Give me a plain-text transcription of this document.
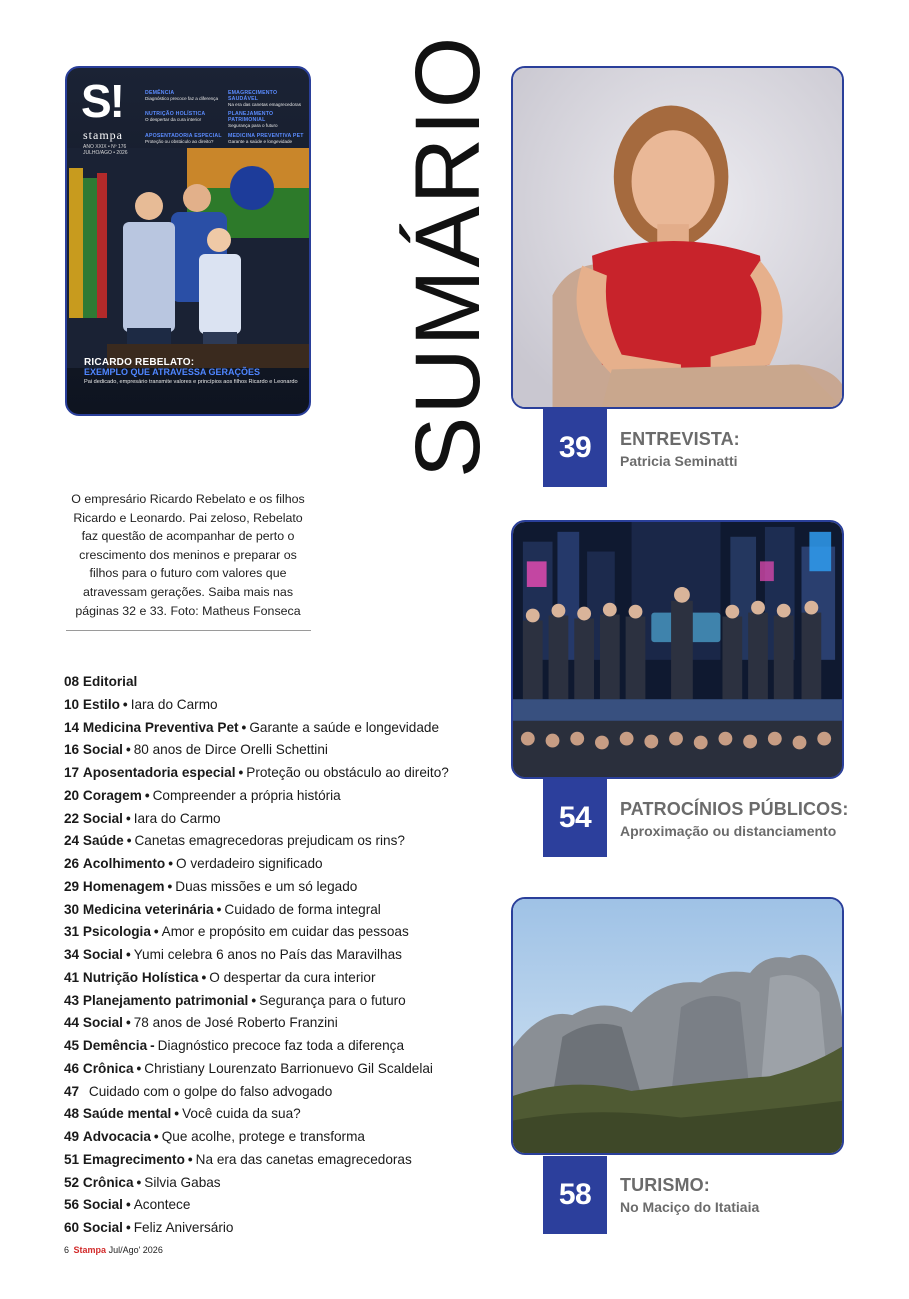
S!
stampa
ANO XXIX • Nº 176 JULHO/AGO • 2026
DEMÊNCIA
Diagnóstico precoce faz a diferença
EMAGRECIMENTO SAUDÁVEL
Na era das canetas emagrecedoras
NUTRIÇÃO HOLÍSTICA
O despertar da cura interior
PLANEJAMENTO PATRIMONIAL
Segurança para o futuro
APOSENTADORIA ESPECIAL
Proteção ou obstáculo ao direito?
MEDICINA PREVENTIVA PET
Garante a saúde e longevidade
RICARDO REBELATO:
EXEMPLO QUE ATRAVESSA GERAÇÕES
Pai dedicado, empresário transmite valores e princípios aos filhos Ricardo e Leonardo SUMÁRIO

O empresário Ricardo Rebelato e os filhos Ricardo e Leonardo. Pai zeloso, Rebelato faz questão de acompanhar de perto o crescimento dos meninos e preparar os filhos para o futuro com valores que atravessam gerações. Saiba mais nas páginas 32 e 33. Foto: Matheus Fonseca

08 Editorial
10 Estilo • Iara do Carmo
14 Medicina Preventiva Pet • Garante a saúde e longevidade
16 Social • 80 anos de Dirce Orelli Schettini
17 Aposentadoria especial • Proteção ou obstáculo ao direito?
20 Coragem • Compreender a própria história
22 Social • Iara do Carmo
24 Saúde • Canetas emagrecedoras prejudicam os rins?
26 Acolhimento • O verdadeiro significado
29 Homenagem • Duas missões e um só legado
30 Medicina veterinária • Cuidado de forma integral
31 Psicologia • Amor e propósito em cuidar das pessoas
34 Social • Yumi celebra 6 anos no País das Maravilhas
41 Nutrição Holística • O despertar da cura interior
43 Planejamento patrimonial • Segurança para o futuro
44 Social • 78 anos de José Roberto Franzini
45 Demência - Diagnóstico precoce faz toda a diferença
46 Crônica • Christiany Lourenzato Barrionuevo Gil Scaldelai
47 Cuidado com o golpe do falso advogado
48 Saúde mental • Você cuida da sua?
49 Advocacia • Que acolhe, protege e transforma
51 Emagrecimento • Na era das canetas emagrecedoras
52 Crônica • Silvia Gabas
56 Social • Acontece
60 Social • Feliz Aniversário
39	ENTREVISTA:
Patricia Seminatti
54	PATROCÍNIOS PÚBLICOS:
Aproximação ou distanciamento
58	TURISMO:
No Maciço do Itatiaia
6 Stampa Jul/Ago' 2026
